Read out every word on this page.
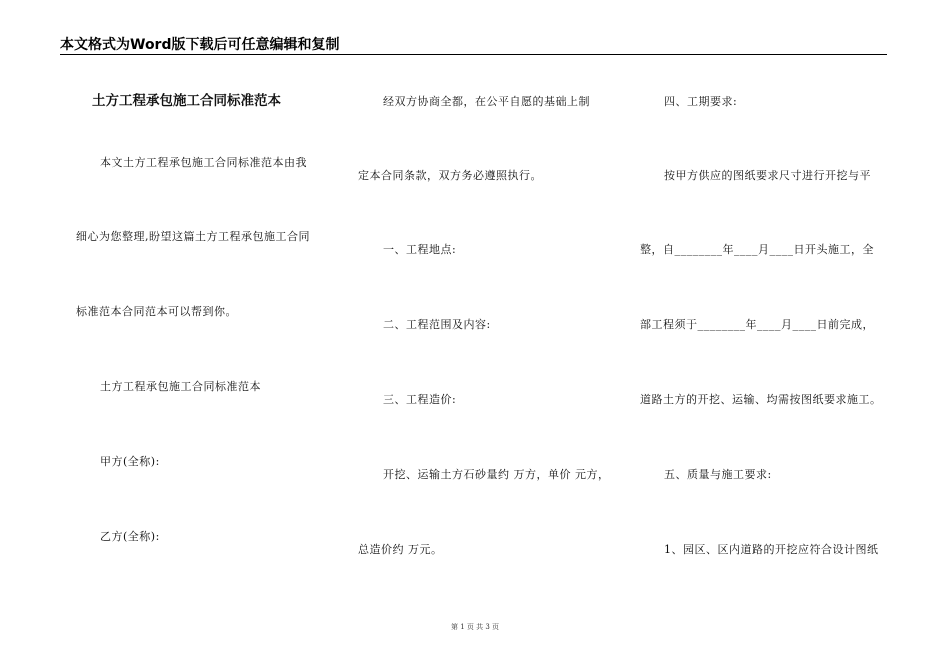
本文格式为Word版下载后可任意编辑和复制
土方工程承包施工合同标准范本
本文土方工程承包施工合同标准范本由我
细心为您整理,盼望这篇土方工程承包施工合同
标准范本合同范本可以帮到你。
土方工程承包施工合同标准范本
甲方(全称):
乙方(全称):
经双方协商全都，在公平自愿的基础上制
定本合同条款，双方务必遵照执行。
一、工程地点:
二、工程范围及内容:
三、工程造价:
开挖、运输土方石砂量约 万方，单价 元方，
总造价约 万元。
四、工期要求:
按甲方供应的图纸要求尺寸进行开挖与平
整，自________年____月____日开头施工，全
部工程须于________年____月____日前完成，
道路土方的开挖、运输、均需按图纸要求施工。
五、质量与施工要求:
1、园区、区内道路的开挖应符合设计图纸
第 1 页 共 3 页
